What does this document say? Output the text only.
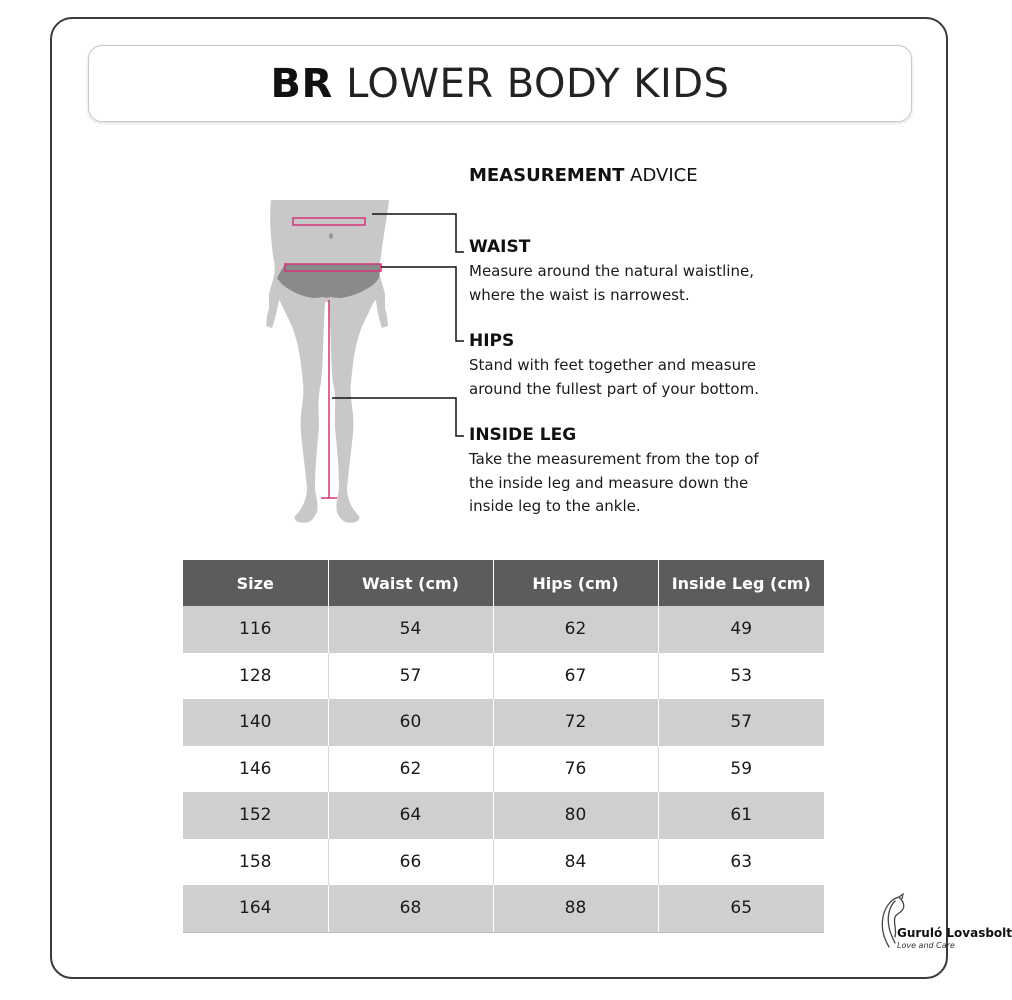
BR LOWER BODY KIDS
MEASUREMENT ADVICE
WAIST
Measure around the natural waistline,
where the waist is narrowest.
HIPS
Stand with feet together and measure
around the fullest part of your bottom.
INSIDE LEG
Take the measurement from the top of
the inside leg and measure down the
inside leg to the ankle.
Size	Waist (cm)	Hips (cm)	Inside Leg (cm)
116	54	62	49
128	57	67	53
140	60	72	57
146	62	76	59
152	64	80	61
158	66	84	63
164	68	88	65
Guruló Lovasbolt
Love and Care
